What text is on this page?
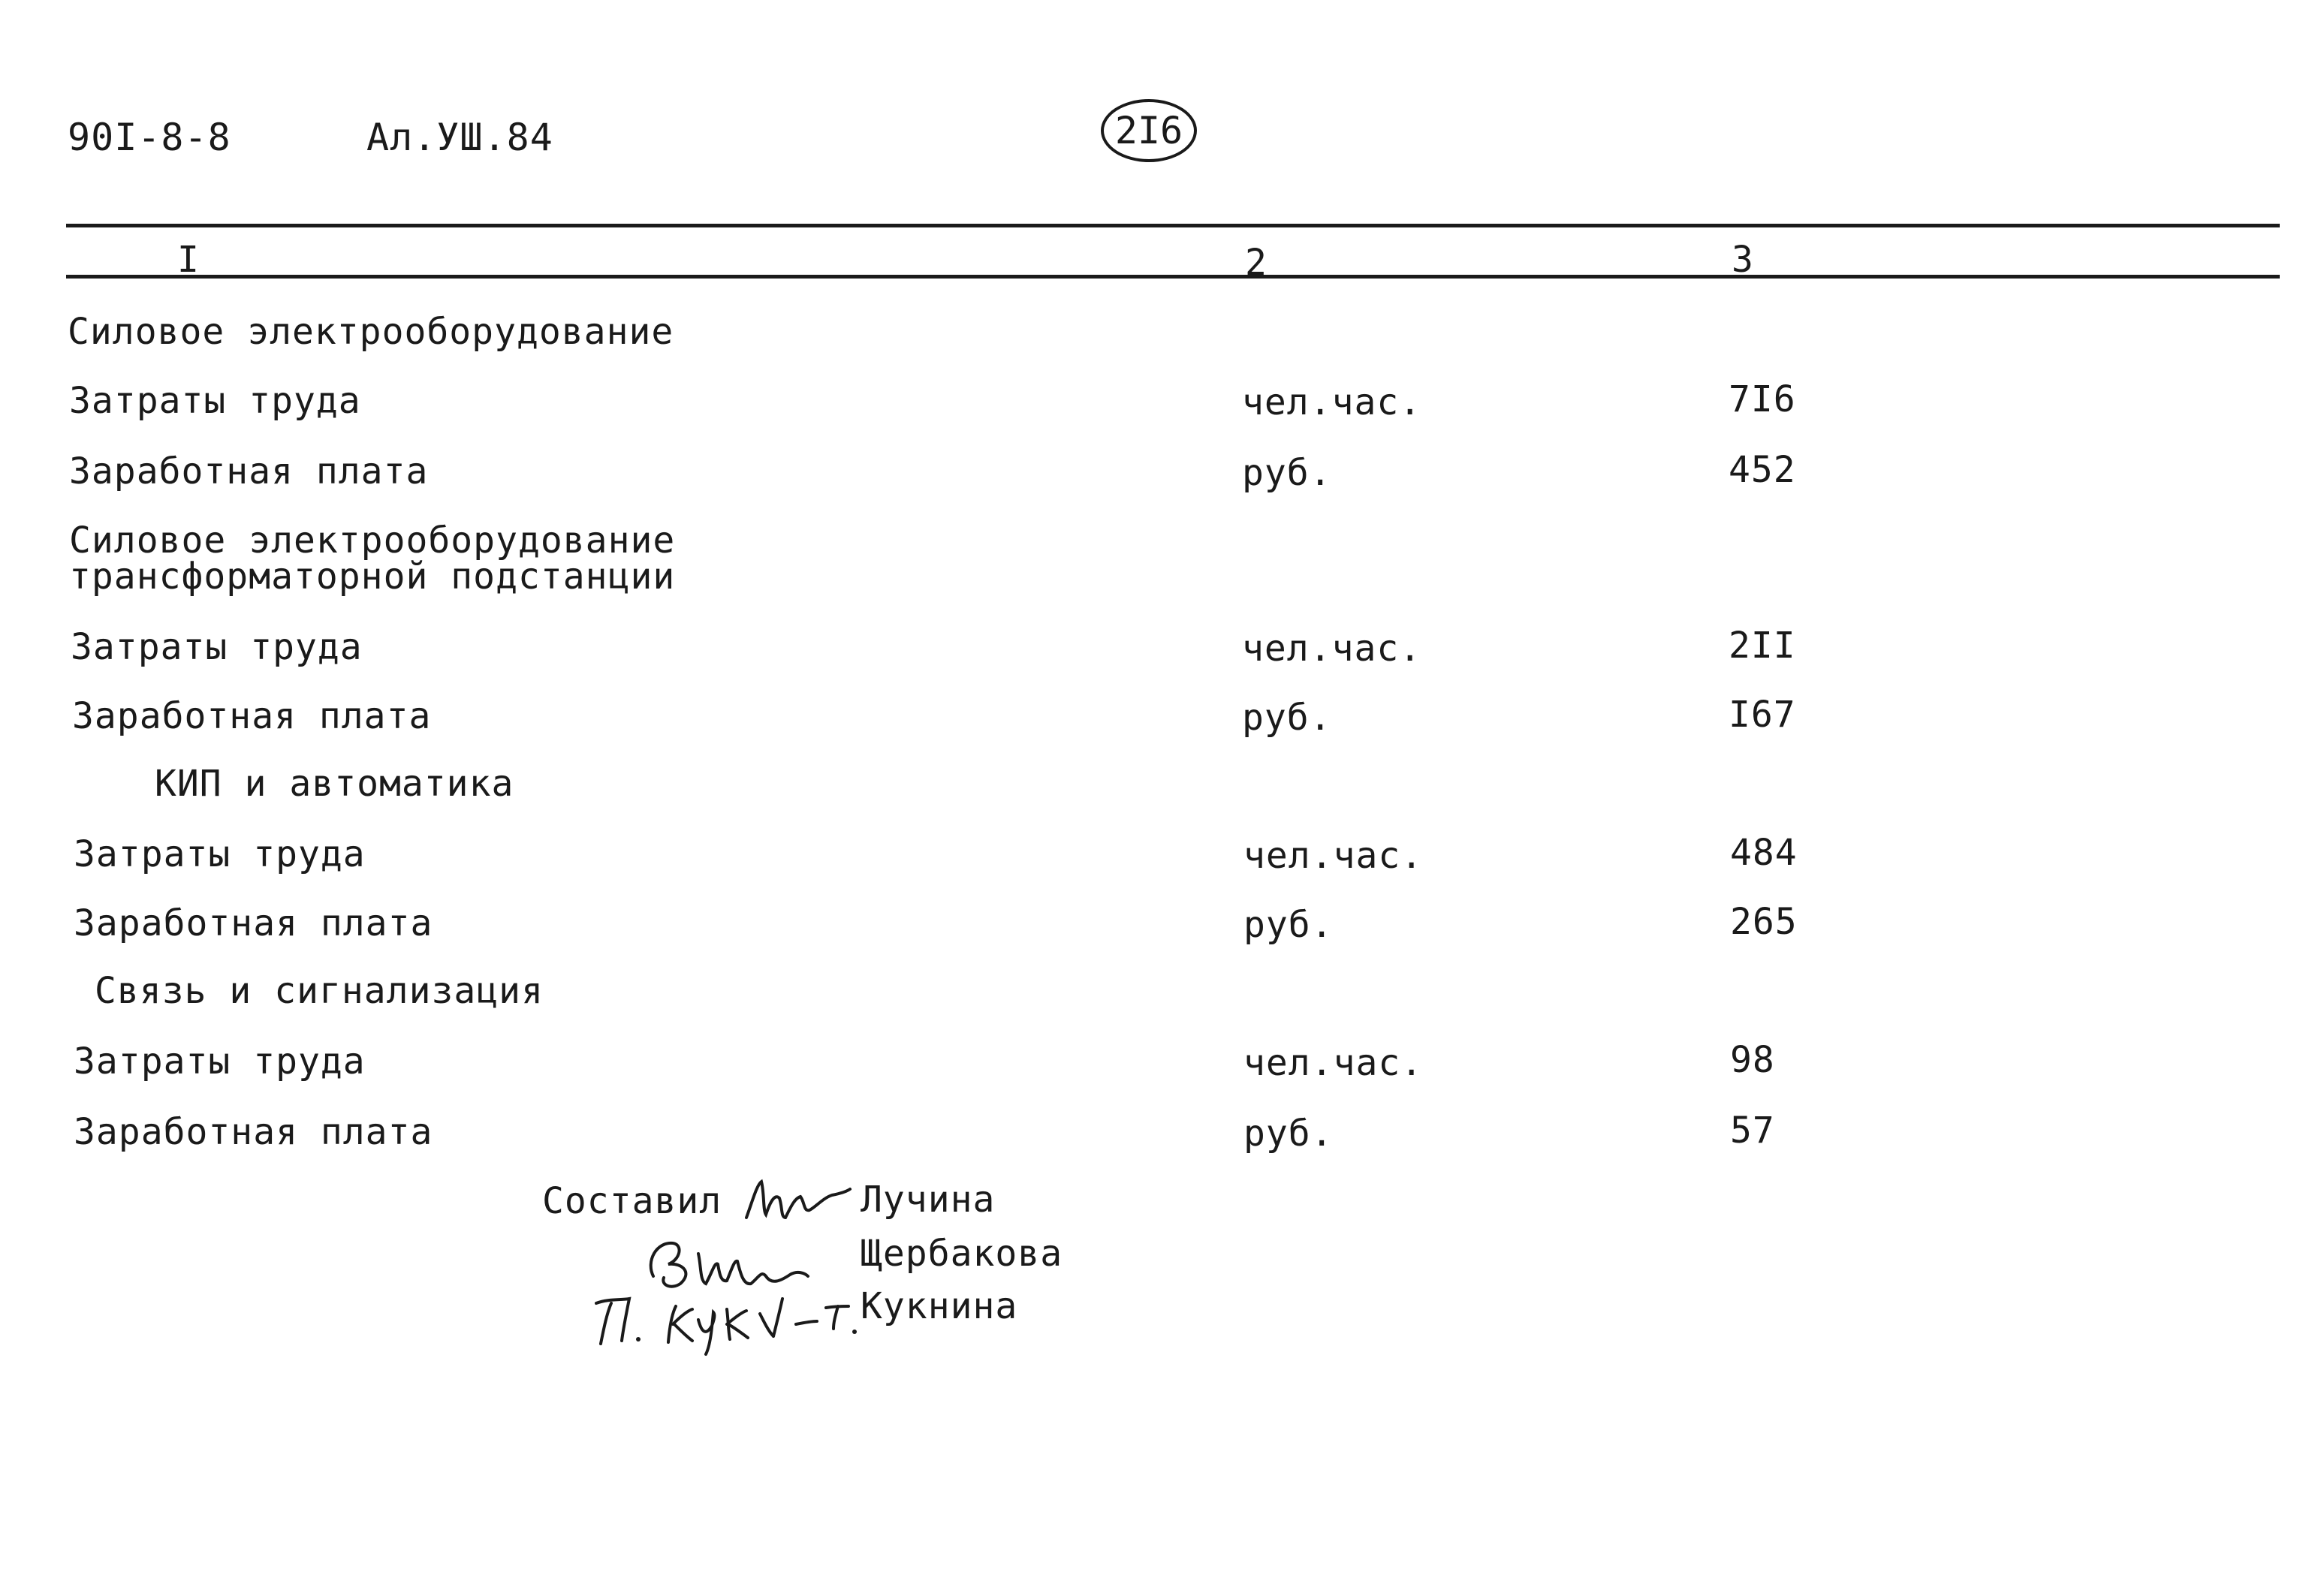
90I-8-8	Ал.УШ.84	2I6
I	2	3
Силовое электрооборудование
Затраты труда	чел.час.	7I6
Заработная плата	руб.	452
Силовое электрооборудование
трансформаторной подстанции
Затраты труда	чел.час.	2II
Заработная плата	руб.	I67
КИП и автоматика
Затраты труда	чел.час.	484
Заработная плата	руб.	265
Связь и сигнализация
Затраты труда	чел.час.	98
Заработная плата	руб.	57
Составил	Лучина
Щербакова
Кукнина
